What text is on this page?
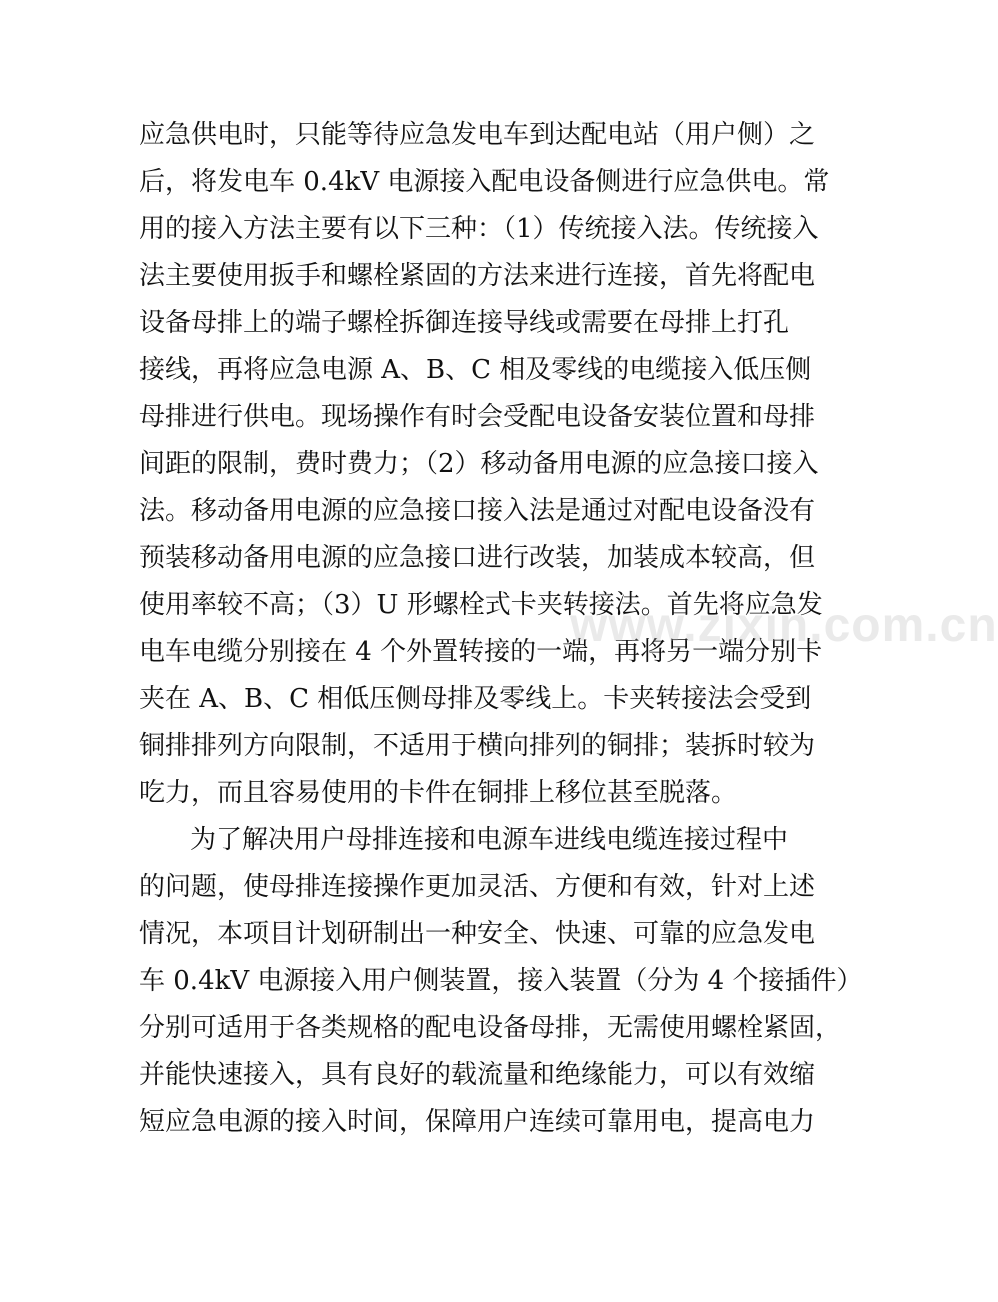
应急供电时，只能等待应急发电车到达配电站（用户侧）之
后，将发电车 0.4kV 电源接入配电设备侧进行应急供电。常
用的接入方法主要有以下三种：（1）传统接入法。传统接入
法主要使用扳手和螺栓紧固的方法来进行连接，首先将配电
设备母排上的端子螺栓拆御连接导线或需要在母排上打孔
接线，再将应急电源 A、B、C 相及零线的电缆接入低压侧
母排进行供电。现场操作有时会受配电设备安装位置和母排
间距的限制，费时费力；（2）移动备用电源的应急接口接入
法。移动备用电源的应急接口接入法是通过对配电设备没有
预装移动备用电源的应急接口进行改装，加装成本较高，但
使用率较不高；（3）U 形螺栓式卡夹转接法。首先将应急发
电车电缆分别接在 4 个外置转接的一端，再将另一端分别卡
夹在 A、B、C 相低压侧母排及零线上。卡夹转接法会受到
铜排排列方向限制，不适用于横向排列的铜排；装拆时较为
吃力，而且容易使用的卡件在铜排上移位甚至脱落。
为了解决用户母排连接和电源车进线电缆连接过程中
的问题，使母排连接操作更加灵活、方便和有效，针对上述
情况，本项目计划研制出一种安全、快速、可靠的应急发电
车 0.4kV 电源接入用户侧装置，接入装置（分为 4 个接插件）
分别可适用于各类规格的配电设备母排，无需使用螺栓紧固，
并能快速接入，具有良好的载流量和绝缘能力，可以有效缩
短应急电源的接入时间，保障用户连续可靠用电，提高电力
www.zixin.com.cn
